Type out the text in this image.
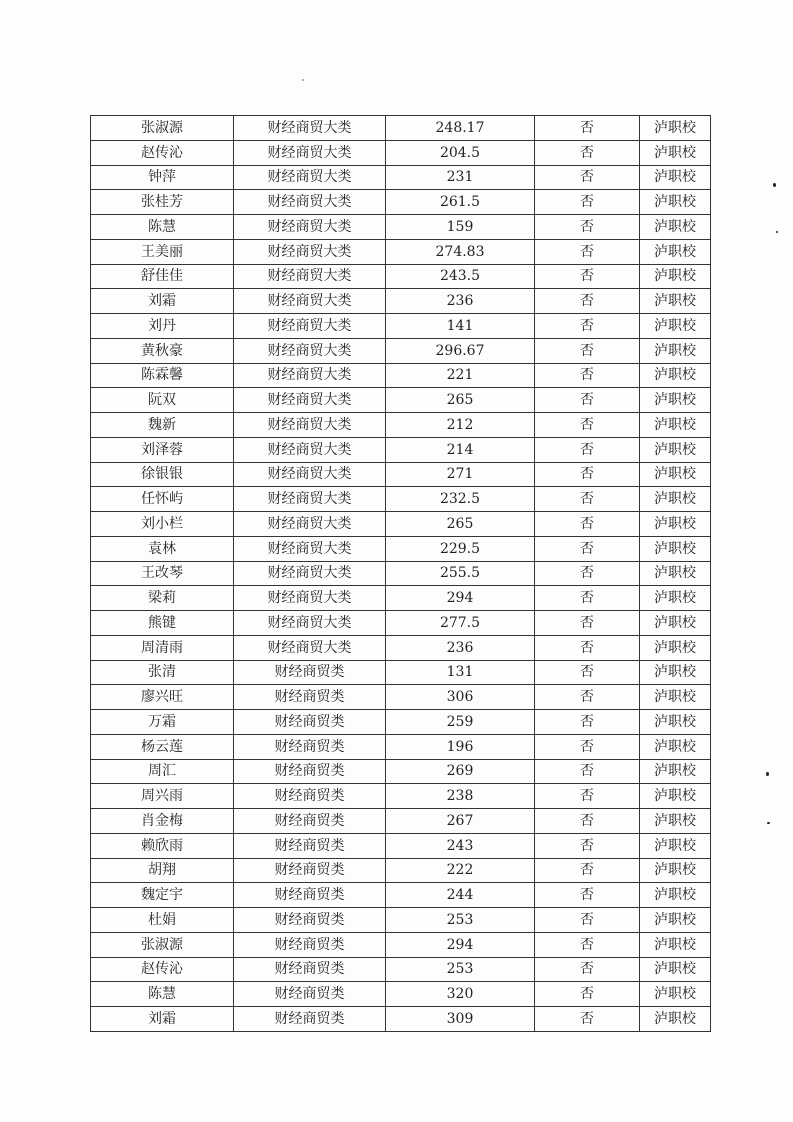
张淑源	财经商贸大类	248.17	否	泸职校
赵传沁	财经商贸大类	204.5	否	泸职校
钟萍	财经商贸大类	231	否	泸职校
张桂芳	财经商贸大类	261.5	否	泸职校
陈慧	财经商贸大类	159	否	泸职校
王美丽	财经商贸大类	274.83	否	泸职校
舒佳佳	财经商贸大类	243.5	否	泸职校
刘霜	财经商贸大类	236	否	泸职校
刘丹	财经商贸大类	141	否	泸职校
黄秋豪	财经商贸大类	296.67	否	泸职校
陈霖馨	财经商贸大类	221	否	泸职校
阮双	财经商贸大类	265	否	泸职校
魏新	财经商贸大类	212	否	泸职校
刘泽蓉	财经商贸大类	214	否	泸职校
徐银银	财经商贸大类	271	否	泸职校
任怀屿	财经商贸大类	232.5	否	泸职校
刘小栏	财经商贸大类	265	否	泸职校
袁林	财经商贸大类	229.5	否	泸职校
王改琴	财经商贸大类	255.5	否	泸职校
梁莉	财经商贸大类	294	否	泸职校
熊键	财经商贸大类	277.5	否	泸职校
周清雨	财经商贸大类	236	否	泸职校
张清	财经商贸类	131	否	泸职校
廖兴旺	财经商贸类	306	否	泸职校
万霜	财经商贸类	259	否	泸职校
杨云莲	财经商贸类	196	否	泸职校
周汇	财经商贸类	269	否	泸职校
周兴雨	财经商贸类	238	否	泸职校
肖金梅	财经商贸类	267	否	泸职校
赖欣雨	财经商贸类	243	否	泸职校
胡翔	财经商贸类	222	否	泸职校
魏定宇	财经商贸类	244	否	泸职校
杜娟	财经商贸类	253	否	泸职校
张淑源	财经商贸类	294	否	泸职校
赵传沁	财经商贸类	253	否	泸职校
陈慧	财经商贸类	320	否	泸职校
刘霜	财经商贸类	309	否	泸职校
